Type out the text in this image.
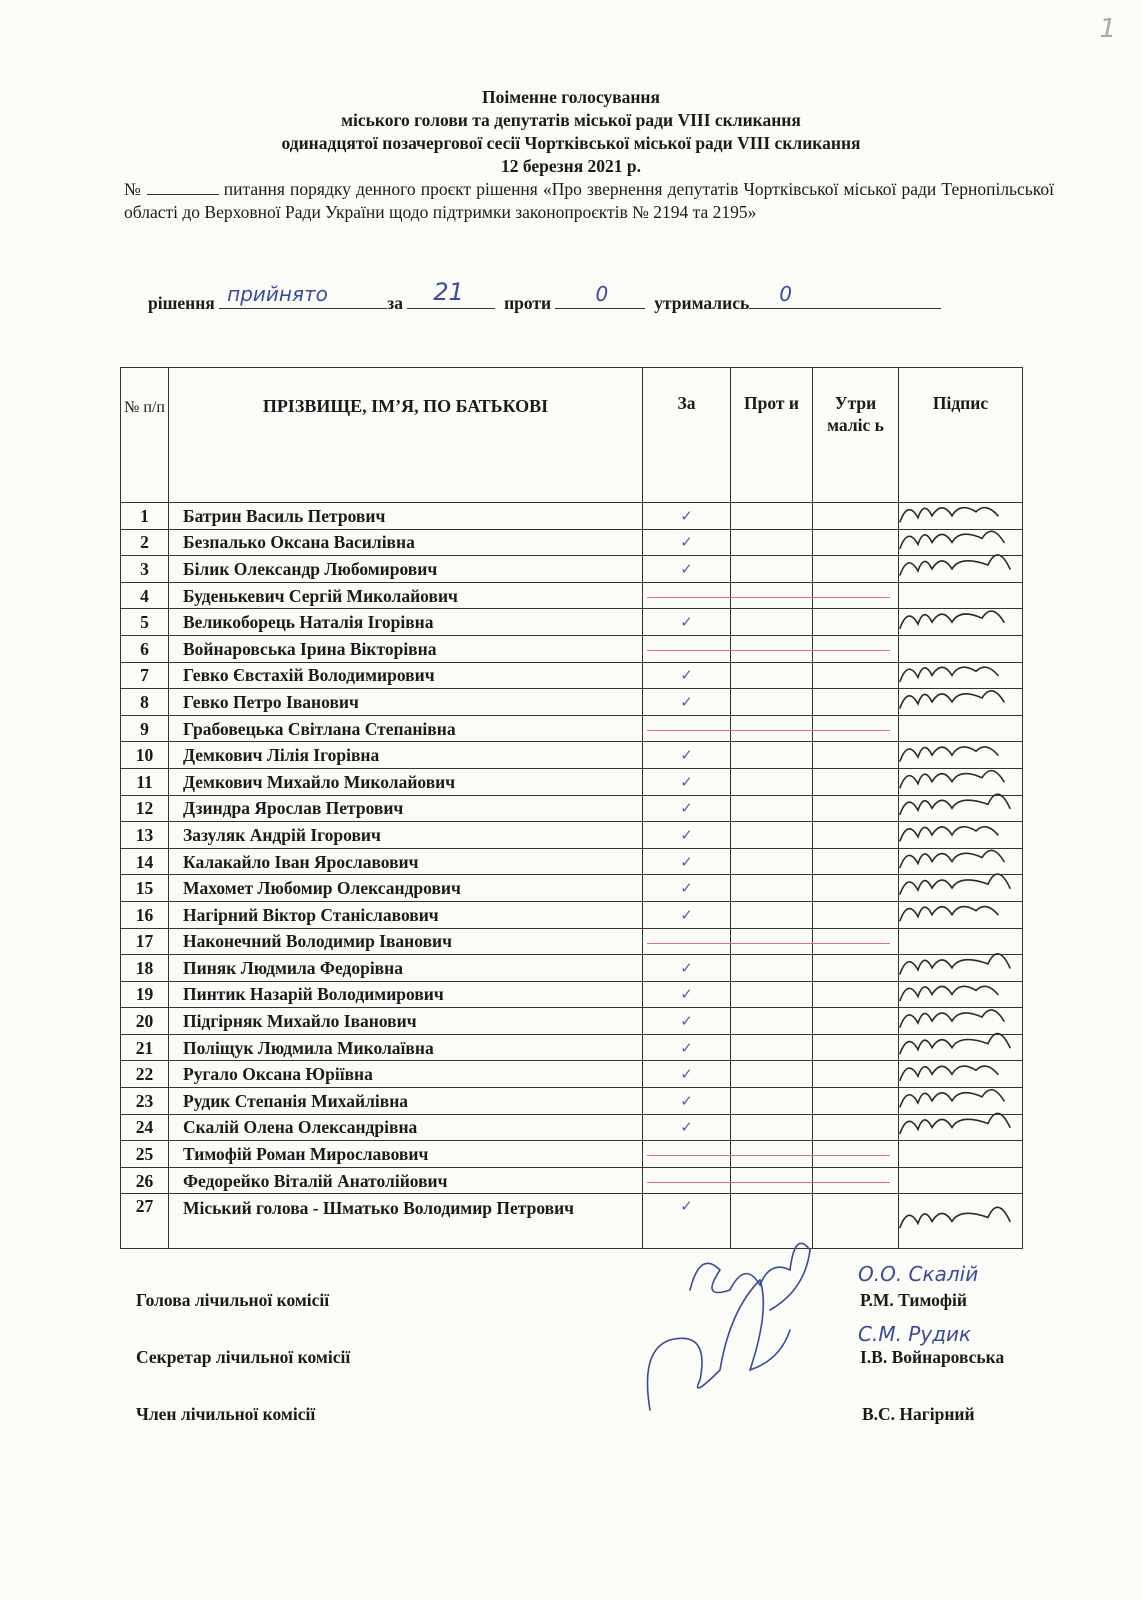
1
Поіменне голосування
міського голови та депутатів міської ради VIII скликання
одинадцятої позачергової сесії Чортківської міської ради VIII скликання
12 березня 2021 р.
№	питання порядку денного проєкт рішення «Про звернення депутатів Чортківської міської ради Тернопільської області до Верховної Ради України щодо підтримки законопроєктів № 2194 та 2195»
рішення прийнято	за 21 проти 0	утримались 0
№ п/п	ПРІЗВИЩЕ, ІМ’Я, ПО БАТЬКОВІ	За	Прот и	Утри маліс ь	Підпис
1	Батрин Василь Петрович	✓			
2	Безпалько Оксана Василівна	✓			
3	Білик Олександр Любомирович	✓			
4	Буденькевич Сергій Миколайович				
5	Великоборець Наталія Ігорівна	✓			
6	Войнаровська Ірина Вікторівна				
7	Гевко Євстахій Володимирович	✓			
8	Гевко Петро Іванович	✓			
9	Грабовецька Світлана Степанівна				
10	Демкович Лілія Ігорівна	✓			
11	Демкович Михайло Миколайович	✓			
12	Дзиндра Ярослав Петрович	✓			
13	Зазуляк Андрій Ігорович	✓			
14	Калакайло Іван Ярославович	✓			
15	Махомет Любомир Олександрович	✓			
16	Нагірний Віктор Станіславович	✓			
17	Наконечний Володимир Іванович				
18	Пиняк Людмила Федорівна	✓			
19	Пинтик Назарій Володимирович	✓			
20	Підгірняк Михайло Іванович	✓			
21	Поліщук Людмила Миколаївна	✓			
22	Ругало Оксана Юріївна	✓			
23	Рудик Степанія Михайлівна	✓			
24	Скалій Олена Олександрівна	✓			
25	Тимофій Роман Мирославович				
26	Федорейко Віталій Анатолійович				
27	Міський голова - Шматько Володимир Петрович	✓			
Голова лічильної комісії	Р.М. Тимофій
О.О. Скалій
Секретар лічильної комісії	І.В. Войнаровська
С.М. Рудик
Член лічильної комісії	В.С. Нагірний
